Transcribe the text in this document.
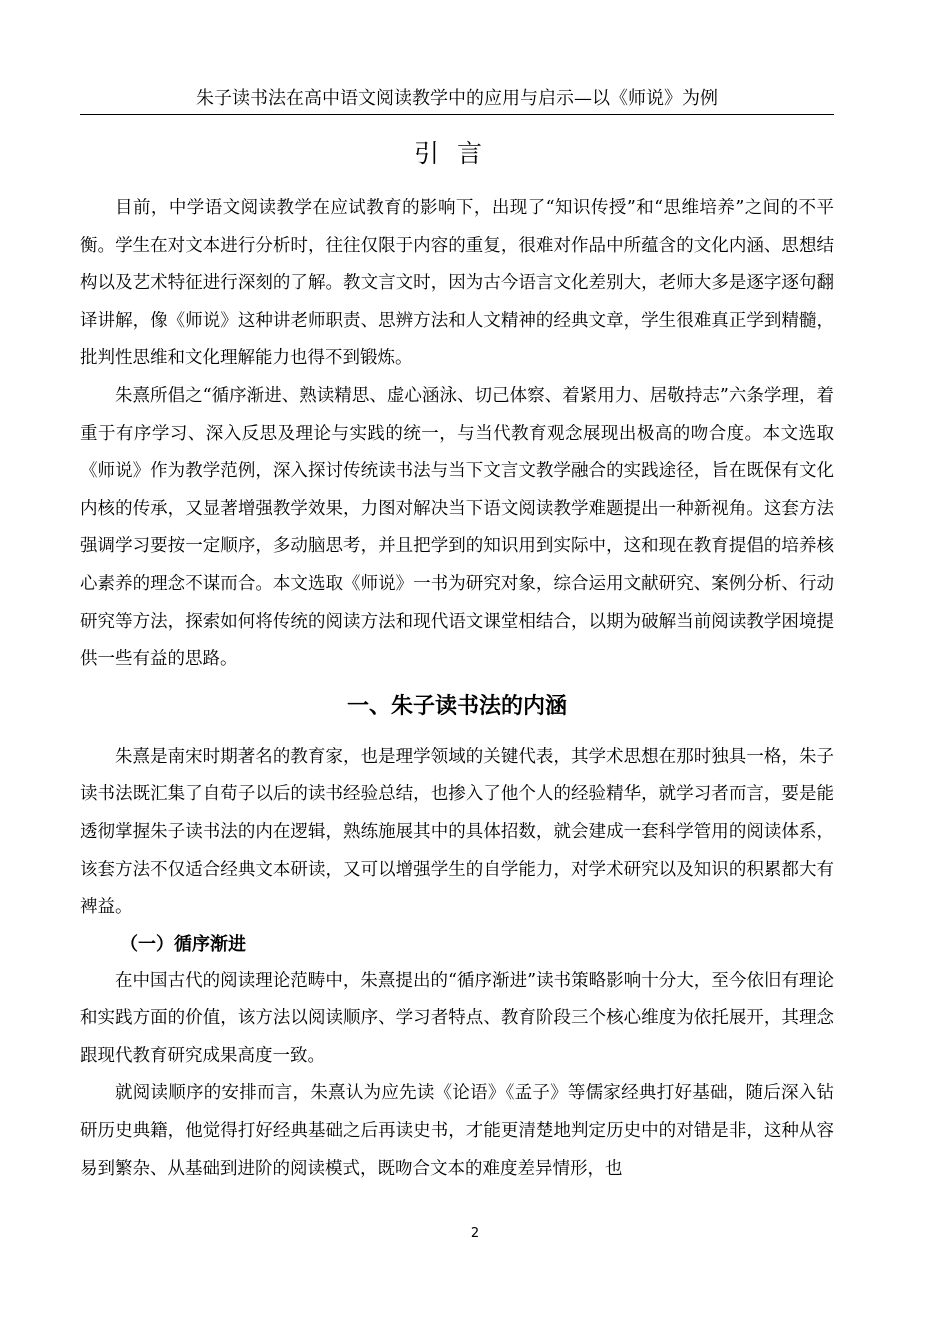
朱子读书法在高中语文阅读教学中的应用与启示—以《师说》为例
引言

目前，中学语文阅读教学在应试教育的影响下，出现了“知识传授”和“思维培养”之间的不平衡。学生在对文本进行分析时，往往仅限于内容的重复，很难对作品中所蕴含的文化内涵、思想结构以及艺术特征进行深刻的了解。教文言文时，因为古今语言文化差别大，老师大多是逐字逐句翻译讲解，像《师说》这种讲老师职责、思辨方法和人文精神的经典文章，学生很难真正学到精髓，批判性思维和文化理解能力也得不到锻炼。

朱熹所倡之“循序渐进、熟读精思、虚心涵泳、切己体察、着紧用力、居敬持志”六条学理，着重于有序学习、深入反思及理论与实践的统一，与当代教育观念展现出极高的吻合度。本文选取《师说》作为教学范例，深入探讨传统读书法与当下文言文教学融合的实践途径，旨在既保有文化内核的传承，又显著增强教学效果，力图对解决当下语文阅读教学难题提出一种新视角。这套方法强调学习要按一定顺序，多动脑思考，并且把学到的知识用到实际中，这和现在教育提倡的培养核心素养的理念不谋而合。本文选取《师说》一书为研究对象，综合运用文献研究、案例分析、行动研究等方法，探索如何将传统的阅读方法和现代语文课堂相结合，以期为破解当前阅读教学困境提供一些有益的思路。

一、朱子读书法的内涵

朱熹是南宋时期著名的教育家，也是理学领域的关键代表，其学术思想在那时独具一格，朱子读书法既汇集了自荀子以后的读书经验总结，也掺入了他个人的经验精华，就学习者而言，要是能透彻掌握朱子读书法的内在逻辑，熟练施展其中的具体招数，就会建成一套科学管用的阅读体系，该套方法不仅适合经典文本研读，又可以增强学生的自学能力，对学术研究以及知识的积累都大有裨益。

（一）循序渐进

在中国古代的阅读理论范畴中，朱熹提出的“循序渐进”读书策略影响十分大，至今依旧有理论和实践方面的价值，该方法以阅读顺序、学习者特点、教育阶段三个核心维度为依托展开，其理念跟现代教育研究成果高度一致。

就阅读顺序的安排而言，朱熹认为应先读《论语》《孟子》等儒家经典打好基础，随后深入钻研历史典籍，他觉得打好经典基础之后再读史书，才能更清楚地判定历史中的对错是非，这种从容易到繁杂、从基础到进阶的阅读模式，既吻合文本的难度差异情形，也

2
